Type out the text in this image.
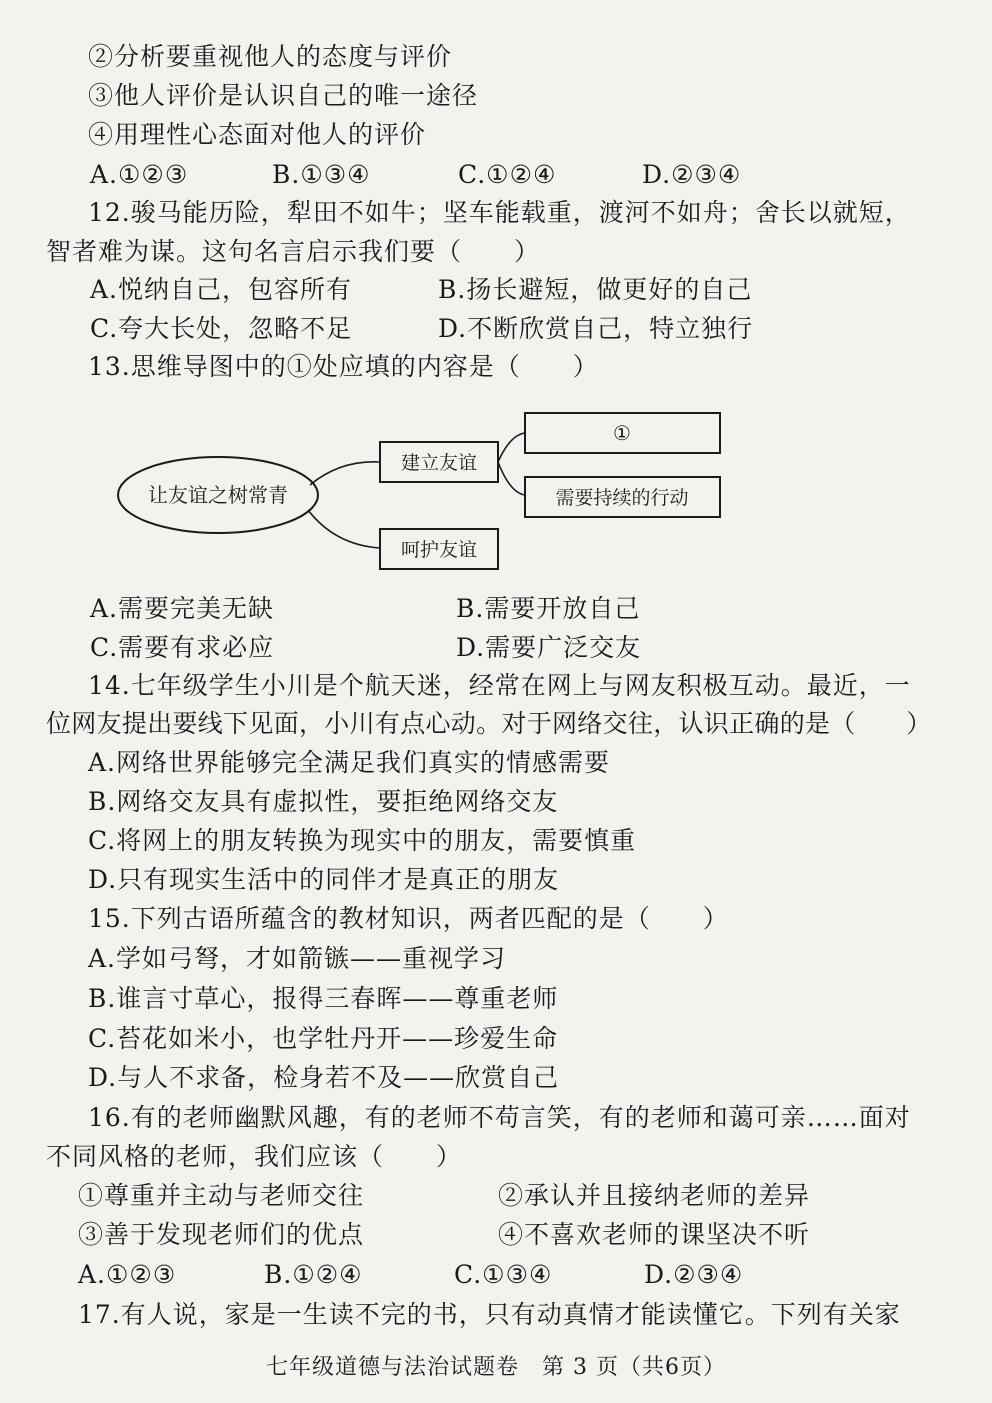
②分析要重视他人的态度与评价
③他人评价是认识自己的唯一途径
④用理性心态面对他人的评价
A.①②③	B.①③④	C.①②④	D.②③④
12.骏马能历险，犁田不如牛；坚车能载重，渡河不如舟；舍长以就短，
智者难为谋。这句名言启示我们要（　　）
A.悦纳自己，包容所有	B.扬长避短，做更好的自己
C.夸大长处，忽略不足	D.不断欣赏自己，特立独行
13.思维导图中的①处应填的内容是（　　）
让友谊之树常青
建立友谊
呵护友谊
①
需要持续的行动
A.需要完美无缺	B.需要开放自己
C.需要有求必应	D.需要广泛交友
14.七年级学生小川是个航天迷，经常在网上与网友积极互动。最近，一
位网友提出要线下见面，小川有点心动。对于网络交往，认识正确的是（　　）
A.网络世界能够完全满足我们真实的情感需要
B.网络交友具有虚拟性，要拒绝网络交友
C.将网上的朋友转换为现实中的朋友，需要慎重
D.只有现实生活中的同伴才是真正的朋友
15.下列古语所蕴含的教材知识，两者匹配的是（　　）
A.学如弓弩，才如箭镞——重视学习
B.谁言寸草心，报得三春晖——尊重老师
C.苔花如米小，也学牡丹开——珍爱生命
D.与人不求备，检身若不及——欣赏自己
16.有的老师幽默风趣，有的老师不苟言笑，有的老师和蔼可亲……面对
不同风格的老师，我们应该（　　）
①尊重并主动与老师交往	②承认并且接纳老师的差异
③善于发现老师们的优点	④不喜欢老师的课坚决不听
A.①②③	B.①②④	C.①③④	D.②③④
17.有人说，家是一生读不完的书，只有动真情才能读懂它。下列有关家
七年级道德与法治试题卷　第 3 页（共6页）
